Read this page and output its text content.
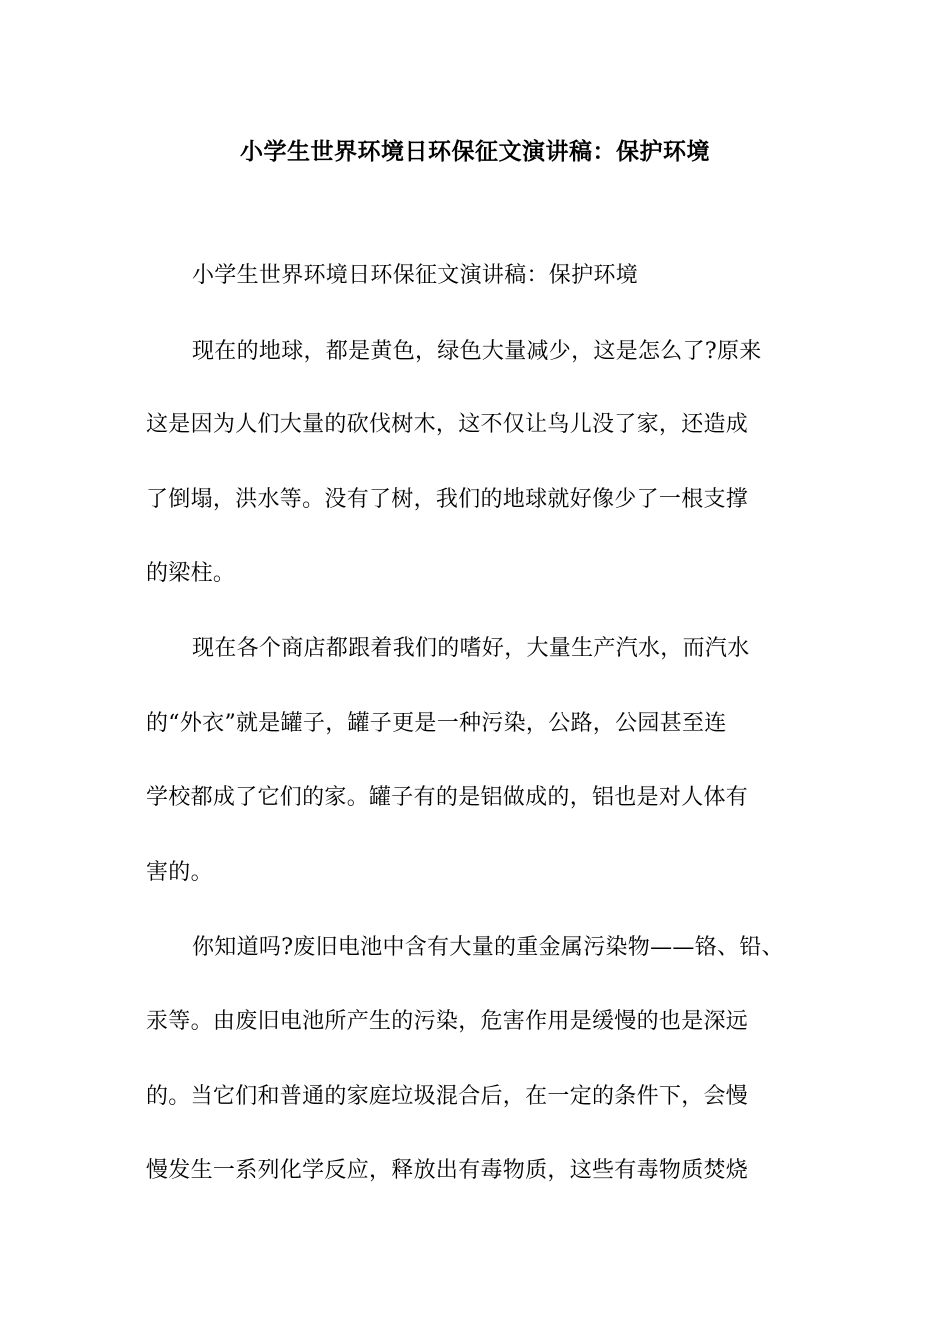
小学生世界环境日环保征文演讲稿：保护环境
小学生世界环境日环保征文演讲稿：保护环境
现在的地球，都是黄色，绿色大量减少，这是怎么了?原来
这是因为人们大量的砍伐树木，这不仅让鸟儿没了家，还造成
了倒塌，洪水等。没有了树，我们的地球就好像少了一根支撑
的梁柱。
现在各个商店都跟着我们的嗜好，大量生产汽水，而汽水
的“外衣”就是罐子，罐子更是一种污染，公路，公园甚至连
学校都成了它们的家。罐子有的是铝做成的，铝也是对人体有
害的。
你知道吗?废旧电池中含有大量的重金属污染物——铬、铅、
汞等。由废旧电池所产生的污染，危害作用是缓慢的也是深远
的。当它们和普通的家庭垃圾混合后，在一定的条件下，会慢
慢发生一系列化学反应，释放出有毒物质，这些有毒物质焚烧
